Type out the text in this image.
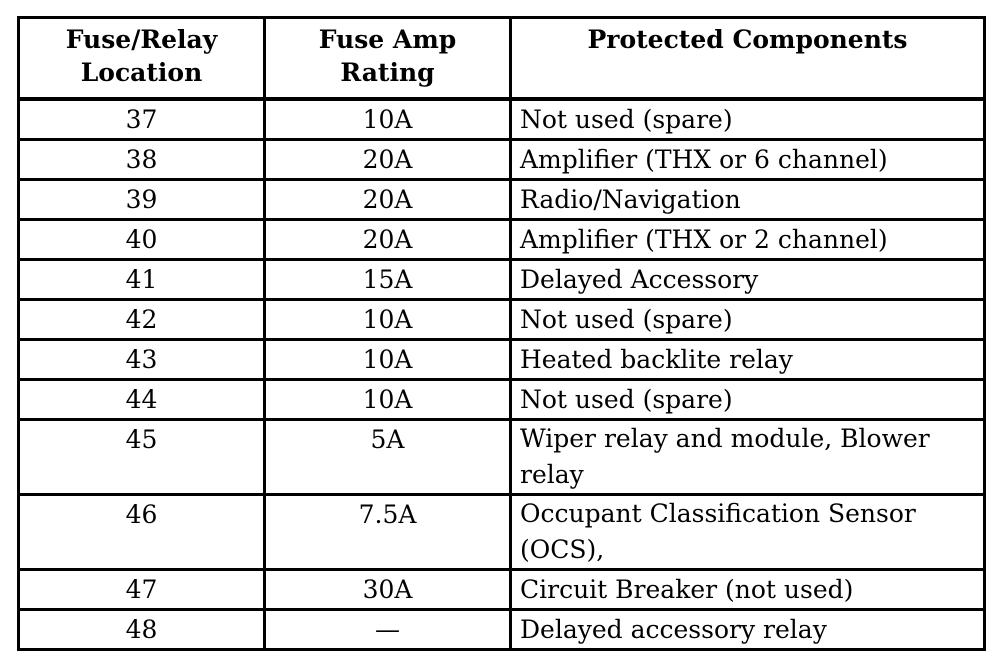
Fuse/Relay Location	Fuse Amp Rating	Protected Components
37	10A	Not used (spare)
38	20A	Amplifier (THX or 6 channel)
39	20A	Radio/Navigation
40	20A	Amplifier (THX or 2 channel)
41	15A	Delayed Accessory
42	10A	Not used (spare)
43	10A	Heated backlite relay
44	10A	Not used (spare)
45	5A	Wiper relay and module, Blower relay
46	7.5A	Occupant Classification Sensor (OCS),
47	30A	Circuit Breaker (not used)
48	—	Delayed accessory relay
